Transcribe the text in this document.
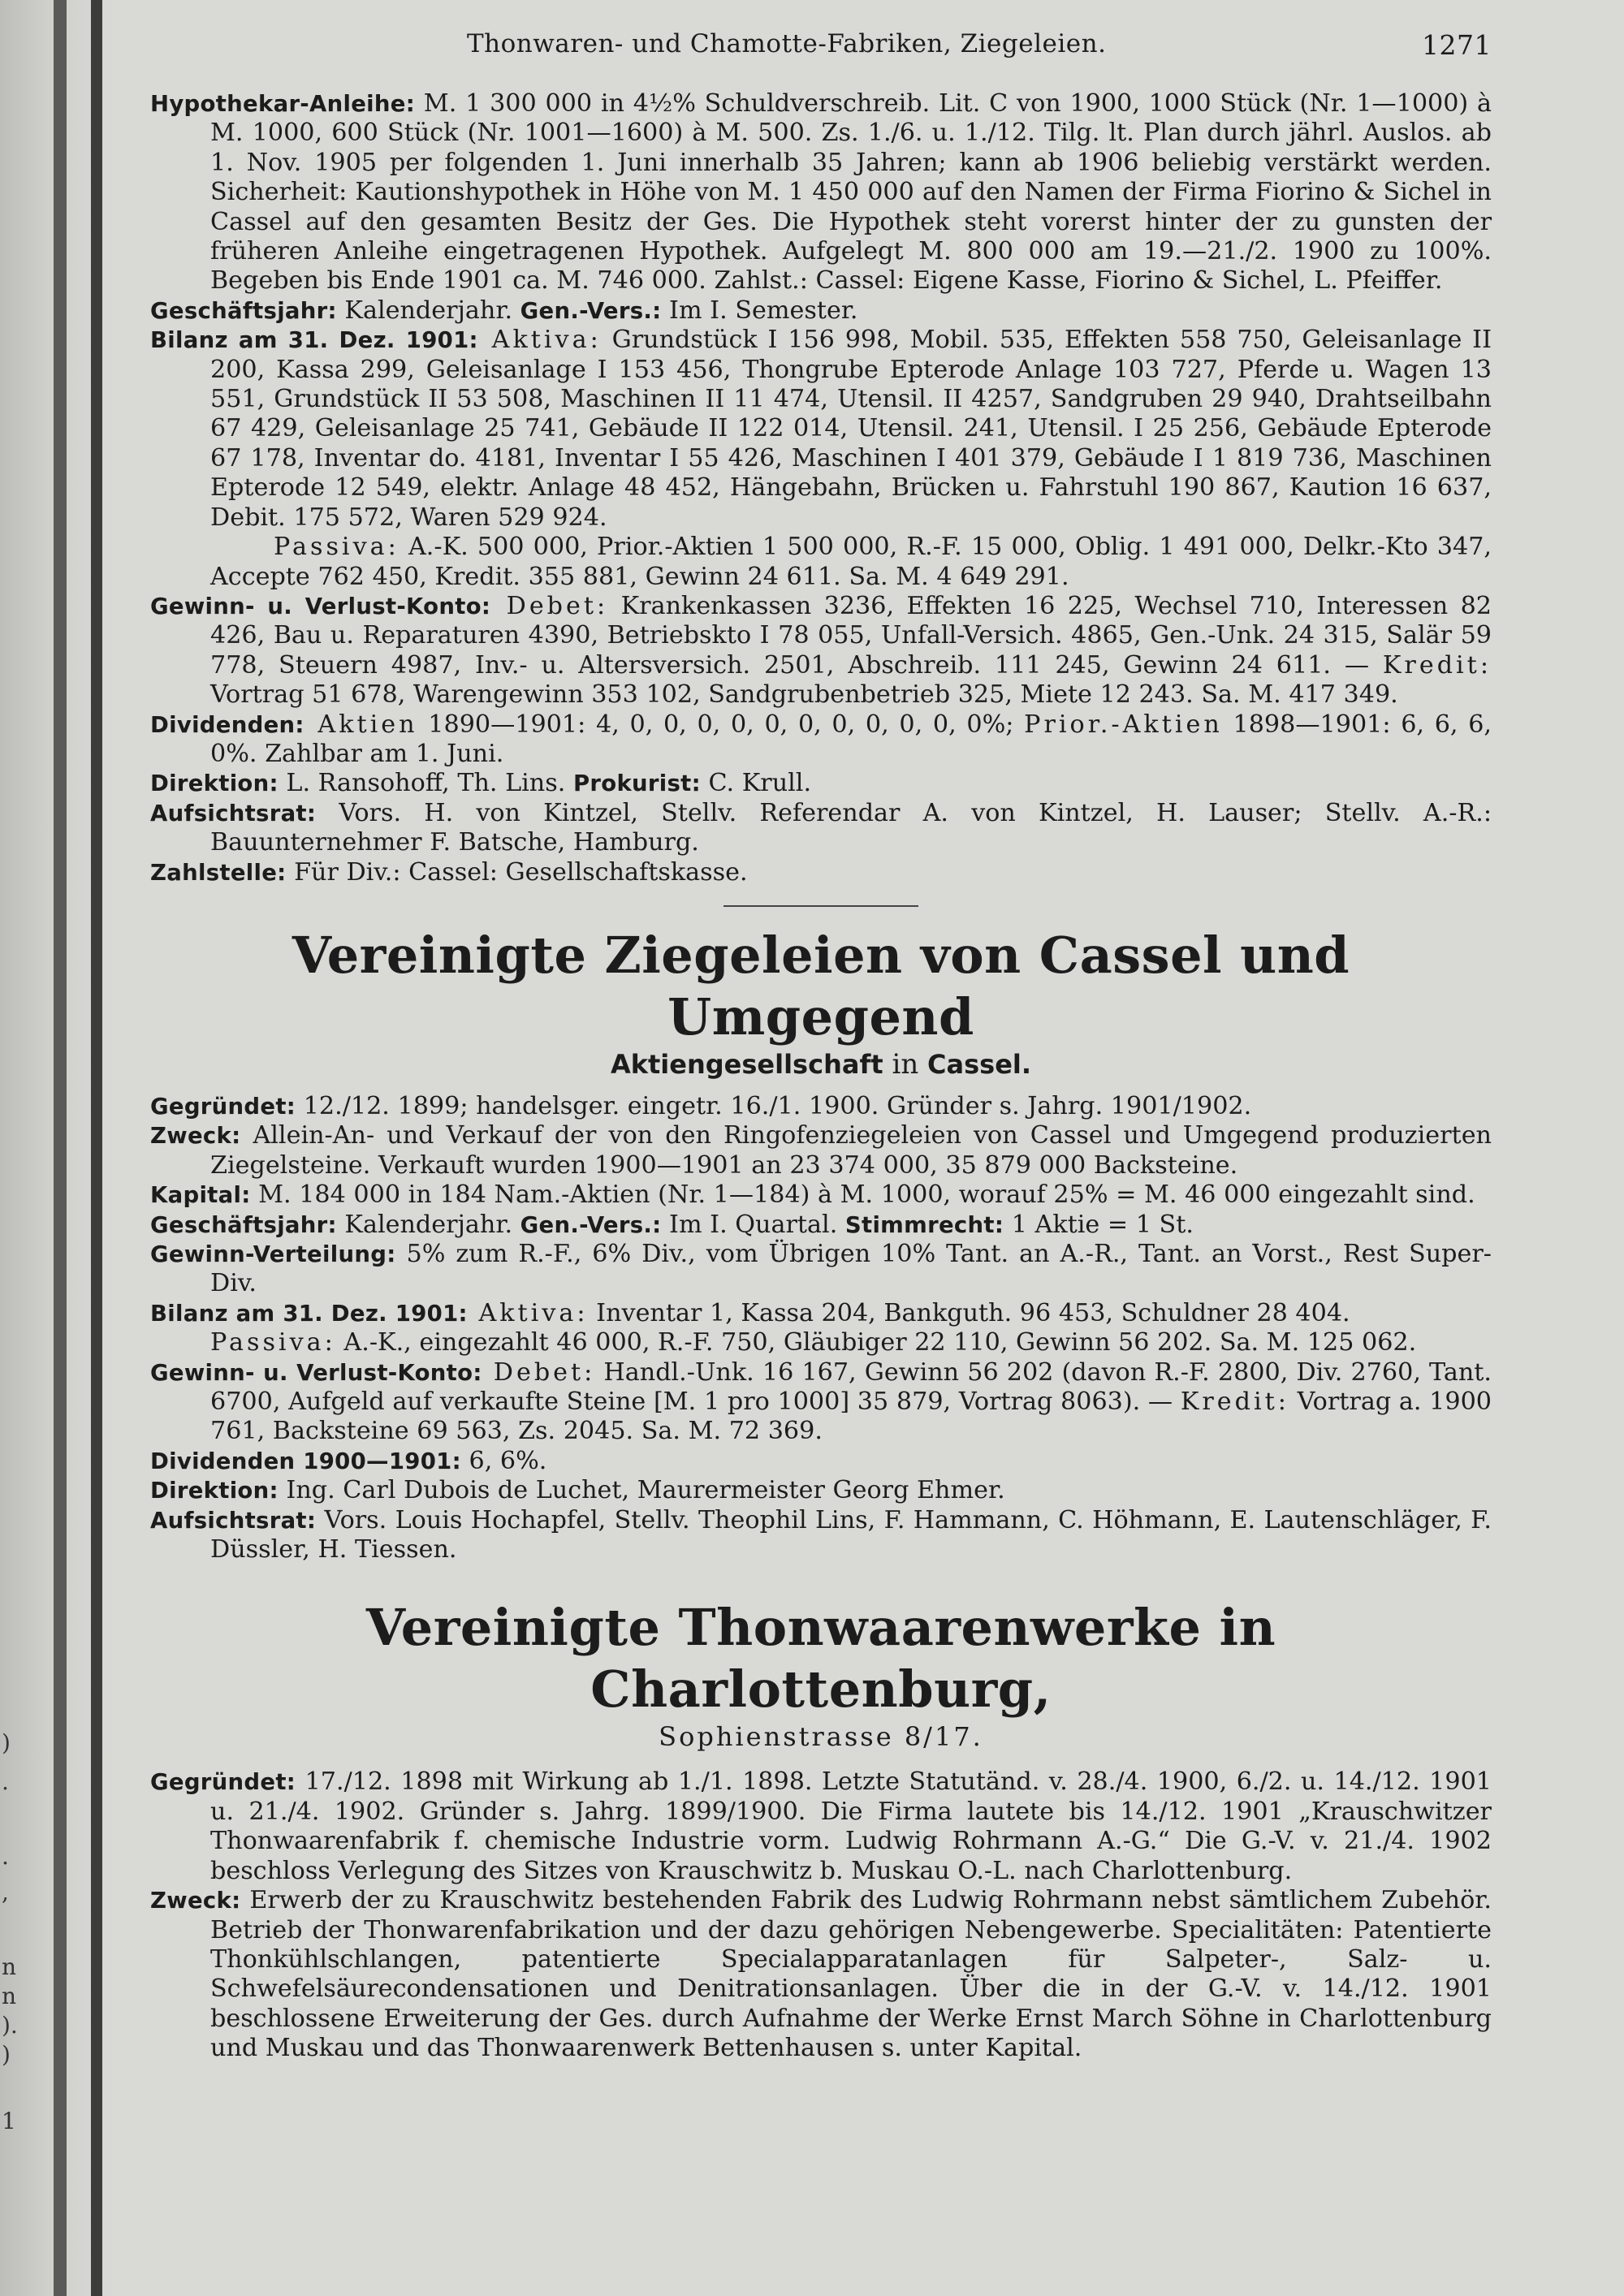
)
.
.
,
n
n
).
)
1
Thonwaren- und Chamotte-Fabriken, Ziegeleien.	1271

Hypothekar-Anleihe: M. 1 300 000 in 4½% Schuldverschreib. Lit. C von 1900, 1000 Stück (Nr. 1—1000) à M. 1000, 600 Stück (Nr. 1001—1600) à M. 500. Zs. 1./6. u. 1./12. Tilg. lt. Plan durch jährl. Auslos. ab 1. Nov. 1905 per folgenden 1. Juni innerhalb 35 Jahren; kann ab 1906 beliebig verstärkt werden. Sicherheit: Kautionshypothek in Höhe von M. 1 450 000 auf den Namen der Firma Fiorino & Sichel in Cassel auf den gesamten Besitz der Ges. Die Hypothek steht vorerst hinter der zu gunsten der früheren Anleihe eingetragenen Hypothek. Aufgelegt M. 800 000 am 19.—21./2. 1900 zu 100%. Begeben bis Ende 1901 ca. M. 746 000. Zahlst.: Cassel: Eigene Kasse, Fiorino & Sichel, L. Pfeiffer.

Geschäftsjahr: Kalenderjahr. Gen.-Vers.: Im I. Semester.

Bilanz am 31. Dez. 1901: Aktiva: Grundstück I 156 998, Mobil. 535, Effekten 558 750, Geleisanlage II 200, Kassa 299, Geleisanlage I 153 456, Thongrube Epterode Anlage 103 727, Pferde u. Wagen 13 551, Grundstück II 53 508, Maschinen II 11 474, Utensil. II 4257, Sandgruben 29 940, Drahtseilbahn 67 429, Geleisanlage 25 741, Gebäude II 122 014, Utensil. 241, Utensil. I 25 256, Gebäude Epterode 67 178, Inventar do. 4181, Inventar I 55 426, Maschinen I 401 379, Gebäude I 1 819 736, Maschinen Epterode 12 549, elektr. Anlage 48 452, Hängebahn, Brücken u. Fahrstuhl 190 867, Kaution 16 637, Debit. 175 572, Waren 529 924.
Passiva: A.-K. 500 000, Prior.-Aktien 1 500 000, R.-F. 15 000, Oblig. 1 491 000, Delkr.-Kto 347, Accepte 762 450, Kredit. 355 881, Gewinn 24 611. Sa. M. 4 649 291.

Gewinn- u. Verlust-Konto: Debet: Krankenkassen 3236, Effekten 16 225, Wechsel 710, Interessen 82 426, Bau u. Reparaturen 4390, Betriebskto I 78 055, Unfall-Versich. 4865, Gen.-Unk. 24 315, Salär 59 778, Steuern 4987, Inv.- u. Altersversich. 2501, Abschreib. 111 245, Gewinn 24 611. — Kredit: Vortrag 51 678, Warengewinn 353 102, Sandgrubenbetrieb 325, Miete 12 243. Sa. M. 417 349.

Dividenden: Aktien 1890—1901: 4, 0, 0, 0, 0, 0, 0, 0, 0, 0, 0, 0%; Prior.-Aktien 1898—1901: 6, 6, 6, 0%. Zahlbar am 1. Juni.

Direktion: L. Ransohoff, Th. Lins. Prokurist: C. Krull.

Aufsichtsrat: Vors. H. von Kintzel, Stellv. Referendar A. von Kintzel, H. Lauser; Stellv. A.-R.: Bauunternehmer F. Batsche, Hamburg.

Zahlstelle: Für Div.: Cassel: Gesellschaftskasse.

Vereinigte Ziegeleien von Cassel und Umgegend

Aktiengesellschaft in Cassel.

Gegründet: 12./12. 1899; handelsger. eingetr. 16./1. 1900. Gründer s. Jahrg. 1901/1902.

Zweck: Allein-An- und Verkauf der von den Ringofenziegeleien von Cassel und Umgegend produzierten Ziegelsteine. Verkauft wurden 1900—1901 an 23 374 000, 35 879 000 Backsteine.

Kapital: M. 184 000 in 184 Nam.-Aktien (Nr. 1—184) à M. 1000, worauf 25% = M. 46 000 eingezahlt sind.

Geschäftsjahr: Kalenderjahr. Gen.-Vers.: Im I. Quartal. Stimmrecht: 1 Aktie = 1 St.

Gewinn-Verteilung: 5% zum R.-F., 6% Div., vom Übrigen 10% Tant. an A.-R., Tant. an Vorst., Rest Super-Div.

Bilanz am 31. Dez. 1901: Aktiva: Inventar 1, Kassa 204, Bankguth. 96 453, Schuldner 28 404.
Passiva: A.-K., eingezahlt 46 000, R.-F. 750, Gläubiger 22 110, Gewinn 56 202. Sa. M. 125 062.

Gewinn- u. Verlust-Konto: Debet: Handl.-Unk. 16 167, Gewinn 56 202 (davon R.-F. 2800, Div. 2760, Tant. 6700, Aufgeld auf verkaufte Steine [M. 1 pro 1000] 35 879, Vortrag 8063). — Kredit: Vortrag a. 1900 761, Backsteine 69 563, Zs. 2045. Sa. M. 72 369.

Dividenden 1900—1901: 6, 6%.

Direktion: Ing. Carl Dubois de Luchet, Maurermeister Georg Ehmer.

Aufsichtsrat: Vors. Louis Hochapfel, Stellv. Theophil Lins, F. Hammann, C. Höhmann, E. Lautenschläger, F. Düssler, H. Tiessen.

Vereinigte Thonwaarenwerke in Charlottenburg,

Sophienstrasse 8/17.

Gegründet: 17./12. 1898 mit Wirkung ab 1./1. 1898. Letzte Statutänd. v. 28./4. 1900, 6./2. u. 14./12. 1901 u. 21./4. 1902. Gründer s. Jahrg. 1899/1900. Die Firma lautete bis 14./12. 1901 „Krauschwitzer Thonwaarenfabrik f. chemische Industrie vorm. Ludwig Rohrmann A.-G.“ Die G.-V. v. 21./4. 1902 beschloss Verlegung des Sitzes von Krauschwitz b. Muskau O.-L. nach Charlottenburg.

Zweck: Erwerb der zu Krauschwitz bestehenden Fabrik des Ludwig Rohrmann nebst sämtlichem Zubehör. Betrieb der Thonwarenfabrikation und der dazu gehörigen Nebengewerbe. Specialitäten: Patentierte Thonkühlschlangen, patentierte Specialapparatanlagen für Salpeter-, Salz- u. Schwefelsäurecondensationen und Denitrationsanlagen. Über die in der G.-V. v. 14./12. 1901 beschlossene Erweiterung der Ges. durch Aufnahme der Werke Ernst March Söhne in Charlottenburg und Muskau und das Thonwaarenwerk Bettenhausen s. unter Kapital.
